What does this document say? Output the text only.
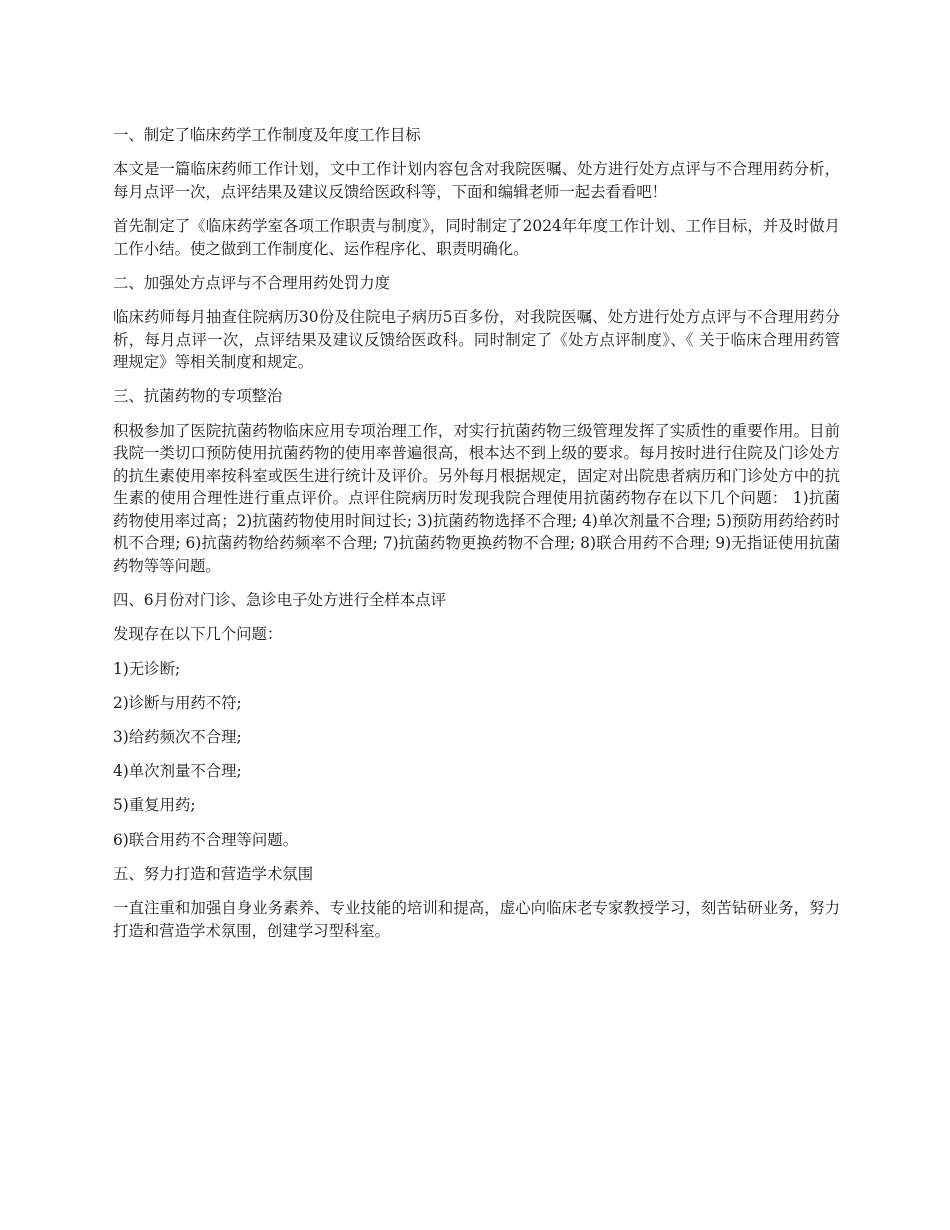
一、制定了临床药学工作制度及年度工作目标

本文是一篇临床药师工作计划，文中工作计划内容包含对我院医嘱、处方进行处方点评与不合理用药分析，每月点评一次，点评结果及建议反馈给医政科等，下面和编辑老师一起去看看吧！

首先制定了《临床药学室各项工作职责与制度》，同时制定了2024年年度工作计划、工作目标，并及时做月工作小结。使之做到工作制度化、运作程序化、职责明确化。

二、加强处方点评与不合理用药处罚力度

临床药师每月抽查住院病历30份及住院电子病历5百多份，对我院医嘱、处方进行处方点评与不合理用药分析，每月点评一次，点评结果及建议反馈给医政科。同时制定了《处方点评制度》、《 关于临床合理用药管理规定》等相关制度和规定。

三、抗菌药物的专项整治

积极参加了医院抗菌药物临床应用专项治理工作，对实行抗菌药物三级管理发挥了实质性的重要作用。目前我院一类切口预防使用抗菌药物的使用率普遍很高，根本达不到上级的要求。每月按时进行住院及门诊处方的抗生素使用率按科室或医生进行统计及评价。另外每月根据规定，固定对出院患者病历和门诊处方中的抗生素的使用合理性进行重点评价。点评住院病历时发现我院合理使用抗菌药物存在以下几个问题： 1)抗菌药物使用率过高；2)抗菌药物使用时间过长; 3)抗菌药物选择不合理; 4)单次剂量不合理; 5)预防用药给药时机不合理; 6)抗菌药物给药频率不合理; 7)抗菌药物更换药物不合理; 8)联合用药不合理; 9)无指证使用抗菌药物等等问题。

四、6月份对门诊、急诊电子处方进行全样本点评

发现存在以下几个问题：

1)无诊断;

2)诊断与用药不符;

3)给药频次不合理;

4)单次剂量不合理;

5)重复用药;

6)联合用药不合理等问题。

五、努力打造和营造学术氛围

一直注重和加强自身业务素养、专业技能的培训和提高，虚心向临床老专家教授学习，刻苦钻研业务，努力打造和营造学术氛围，创建学习型科室。
